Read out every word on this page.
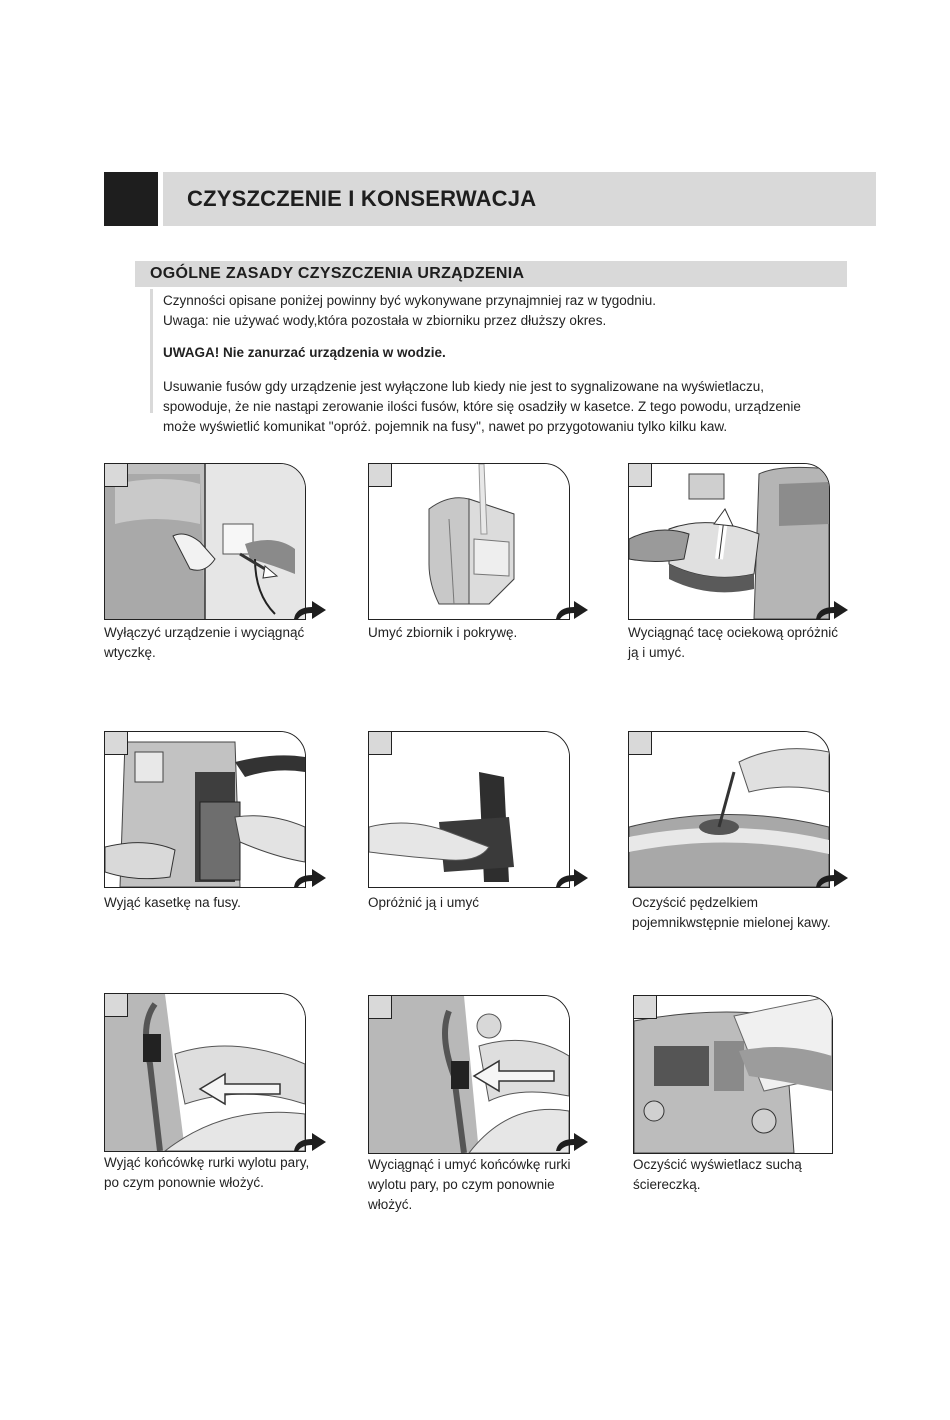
CZYSZCZENIE I KONSERWACJA
OGÓLNE ZASADY CZYSZCZENIA URZĄDZENIA

Czynności opisane poniżej powinny być wykonywane przynajmniej raz w tygodniu.

Uwaga: nie używać wody,która pozostała w zbiorniku przez dłuższy okres.

UWAGA! Nie zanurzać urządzenia w wodzie.

Usuwanie fusów gdy urządzenie jest wyłączone lub kiedy nie jest to sygnalizowane na wyświetlaczu,

spowoduje, że nie nastąpi zerowanie ilości fusów, które się osadziły w kasetce. Z tego powodu, urządzenie

może wyświetlić komunikat "opróż. pojemnik na fusy", nawet po przygotowaniu tylko kilku kaw.

Wyłączyć urządzenie i wyciągnąć
wtyczkę.
Umyć zbiornik i pokrywę.	Wyciągnąć tacę ociekową opróżnić
ją i umyć.
Wyjąć kasetkę na fusy.	Opróżnić ją i umyć	Oczyścić pędzelkiem
pojemnikwstępnie mielonej kawy.
Wyjąć końcówkę rurki wylotu pary,
po czym ponownie włożyć.
Wyciągnąć i umyć końcówkę rurki
wylotu pary, po czym ponownie
włożyć.
Oczyścić wyświetlacz suchą
ściereczką.
